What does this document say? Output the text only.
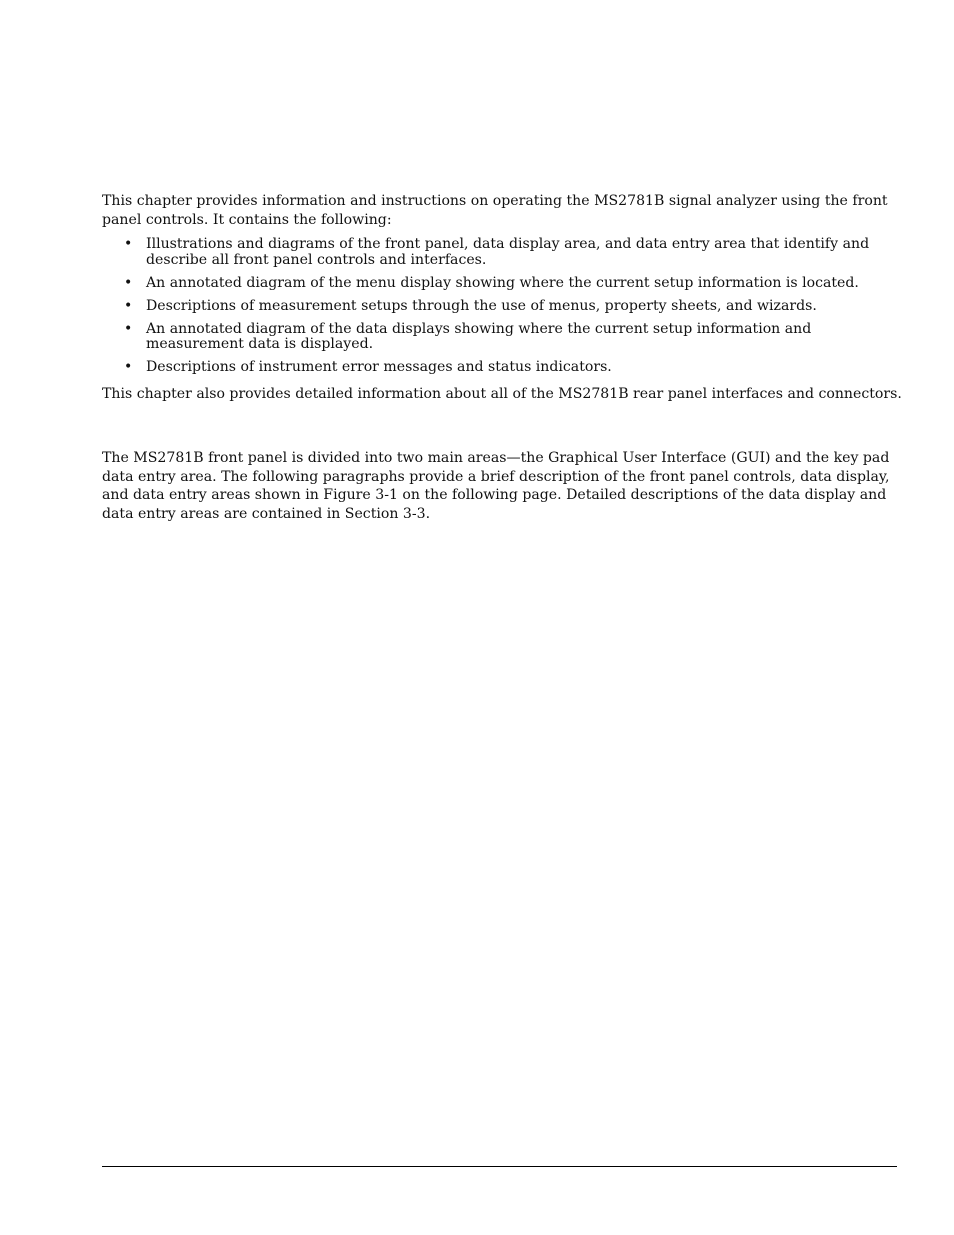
This chapter provides information and instructions on operating the MS2781B signal analyzer using the front panel controls. It contains the following:

• Illustrations and diagrams of the front panel, data display area, and data entry area that identify and describe all front panel controls and interfaces.
• An annotated diagram of the menu display showing where the current setup information is located.
• Descriptions of measurement setups through the use of menus, property sheets, and wizards.
• An annotated diagram of the data displays showing where the current setup information and measurement data is displayed.
• Descriptions of instrument error messages and status indicators.

This chapter also provides detailed information about all of the MS2781B rear panel interfaces and connectors.

The MS2781B front panel is divided into two main areas—the Graphical User Interface (GUI) and the key pad data entry area. The following paragraphs provide a brief description of the front panel controls, data display, and data entry areas shown in Figure 3-1 on the following page. Detailed descriptions of the data display and data entry areas are contained in Section 3-3.
